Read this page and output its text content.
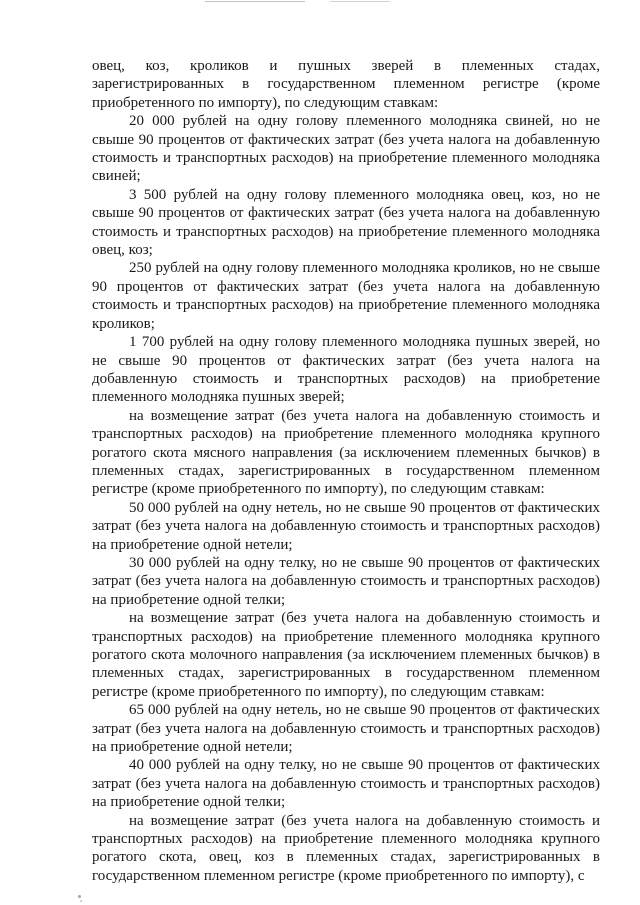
овец, коз, кроликов и пушных зверей в племенных стадах, зарегистрированных в государственном племенном регистре (кроме приобретенного по импорту), по следующим ставкам:

20 000 рублей на одну голову племенного молодняка свиней, но не свыше 90 процентов от фактических затрат (без учета налога на добавленную стоимость и транспортных расходов) на приобретение племенного молодняка свиней;

3 500 рублей на одну голову племенного молодняка овец, коз, но не свыше 90 процентов от фактических затрат (без учета налога на добавленную стоимость и транспортных расходов) на приобретение племенного молодняка овец, коз;

250 рублей на одну голову племенного молодняка кроликов, но не свыше 90 процентов от фактических затрат (без учета налога на добавленную стоимость и транспортных расходов) на приобретение племенного молодняка кроликов;

1 700 рублей на одну голову племенного молодняка пушных зверей, но не свыше 90 процентов от фактических затрат (без учета налога на добавленную стоимость и транспортных расходов) на приобретение племенного молодняка пушных зверей;

на возмещение затрат (без учета налога на добавленную стоимость и транспортных расходов) на приобретение племенного молодняка крупного рогатого скота мясного направления (за исключением племенных бычков) в племенных стадах, зарегистрированных в государственном племенном регистре (кроме приобретенного по импорту), по следующим ставкам:

50 000 рублей на одну нетель, но не свыше 90 процентов от фактических затрат (без учета налога на добавленную стоимость и транспортных расходов) на приобретение одной нетели;

30 000 рублей на одну телку, но не свыше 90 процентов от фактических затрат (без учета налога на добавленную стоимость и транспортных расходов) на приобретение одной телки;

на возмещение затрат (без учета налога на добавленную стоимость и транспортных расходов) на приобретение племенного молодняка крупного рогатого скота молочного направления (за исключением племенных бычков) в племенных стадах, зарегистрированных в государственном племенном регистре (кроме приобретенного по импорту), по следующим ставкам:

65 000 рублей на одну нетель, но не свыше 90 процентов от фактических затрат (без учета налога на добавленную стоимость и транспортных расходов) на приобретение одной нетели;

40 000 рублей на одну телку, но не свыше 90 процентов от фактических затрат (без учета налога на добавленную стоимость и транспортных расходов) на приобретение одной телки;

на возмещение затрат (без учета налога на добавленную стоимость и транспортных расходов) на приобретение племенного молодняка крупного рогатого скота, овец, коз в племенных стадах, зарегистрированных в государственном племенном регистре (кроме приобретенного по импорту), с
